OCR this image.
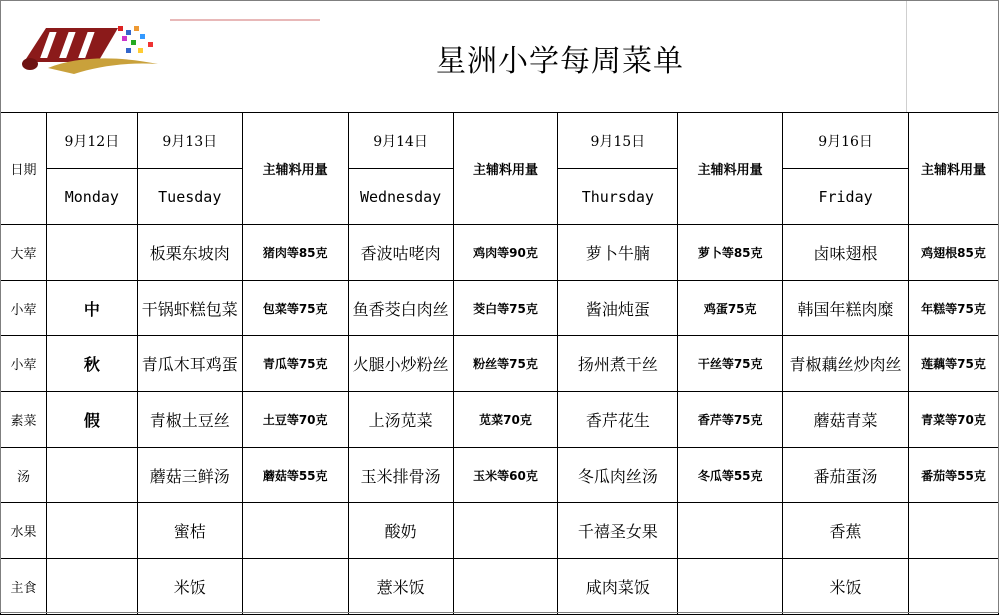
星洲小学每周菜单
日期	9月12日	9月13日	主辅料用量	9月14日	主辅料用量	9月15日	主辅料用量	9月16日	主辅料用量
	Monday	Tuesday		Wednesday		Thursday		Friday	
大荤		板栗东坡肉	猪肉等85克	香波咕咾肉	鸡肉等90克	萝卜牛腩	萝卜等85克	卤味翅根	鸡翅根85克
小荤	中	干锅虾糕包菜	包菜等75克	鱼香茭白肉丝	茭白等75克	酱油炖蛋	鸡蛋75克	韩国年糕肉糜	年糕等75克
小荤	秋	青瓜木耳鸡蛋	青瓜等75克	火腿小炒粉丝	粉丝等75克	扬州煮干丝	干丝等75克	青椒藕丝炒肉丝	莲藕等75克
素菜	假	青椒土豆丝	土豆等70克	上汤苋菜	苋菜70克	香芹花生	香芹等75克	蘑菇青菜	青菜等70克
汤		蘑菇三鲜汤	蘑菇等55克	玉米排骨汤	玉米等60克	冬瓜肉丝汤	冬瓜等55克	番茄蛋汤	番茄等55克
水果		蜜桔		酸奶		千禧圣女果		香蕉	
主食		米饭		薏米饭		咸肉菜饭		米饭	
